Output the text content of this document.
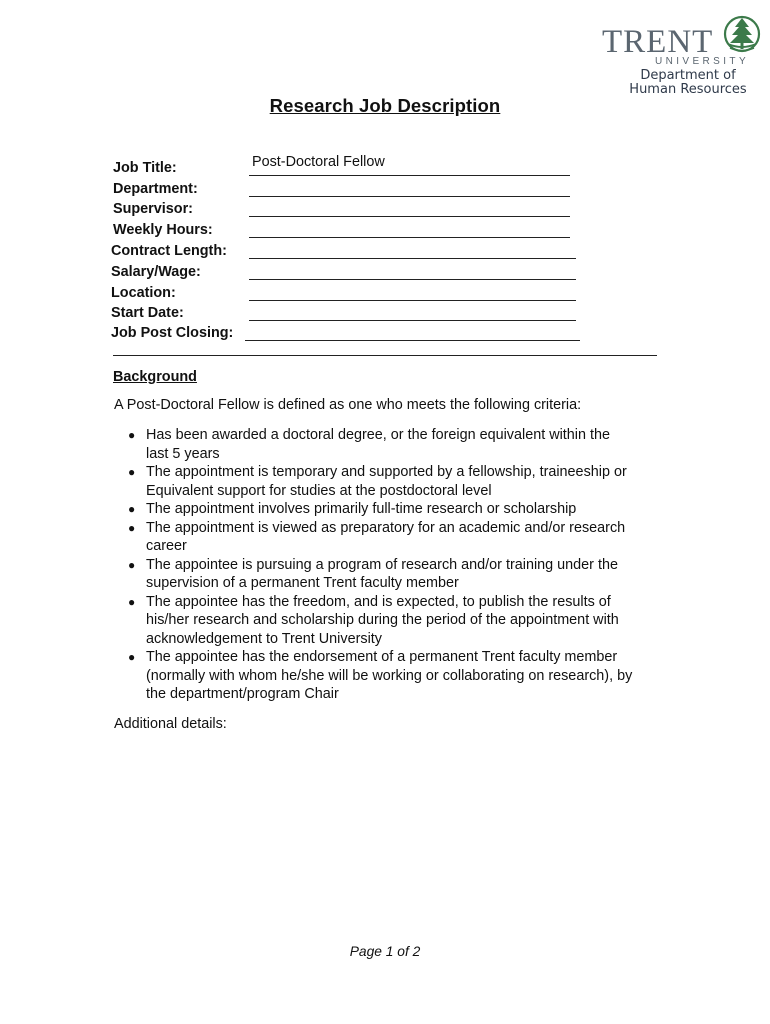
TRENT
UNIVERSITY
Department of
Human Resources
Research Job Description
Job Title:	Post-Doctoral Fellow
Department:
Supervisor:
Weekly Hours:
Contract Length:
Salary/Wage:
Location:
Start Date:
Job Post Closing:
Background
A Post-Doctoral Fellow is defined as one who meets the following criteria:
● Has been awarded a doctoral degree, or the foreign equivalent within the
last 5 years
● The appointment is temporary and supported by a fellowship, traineeship or
Equivalent support for studies at the postdoctoral level
● The appointment involves primarily full-time research or scholarship
● The appointment is viewed as preparatory for an academic and/or research
career
● The appointee is pursuing a program of research and/or training under the
supervision of a permanent Trent faculty member
● The appointee has the freedom, and is expected, to publish the results of
his/her research and scholarship during the period of the appointment with
acknowledgement to Trent University
● The appointee has the endorsement of a permanent Trent faculty member
(normally with whom he/she will be working or collaborating on research), by
the department/program Chair
Additional details:
Page 1 of 2
